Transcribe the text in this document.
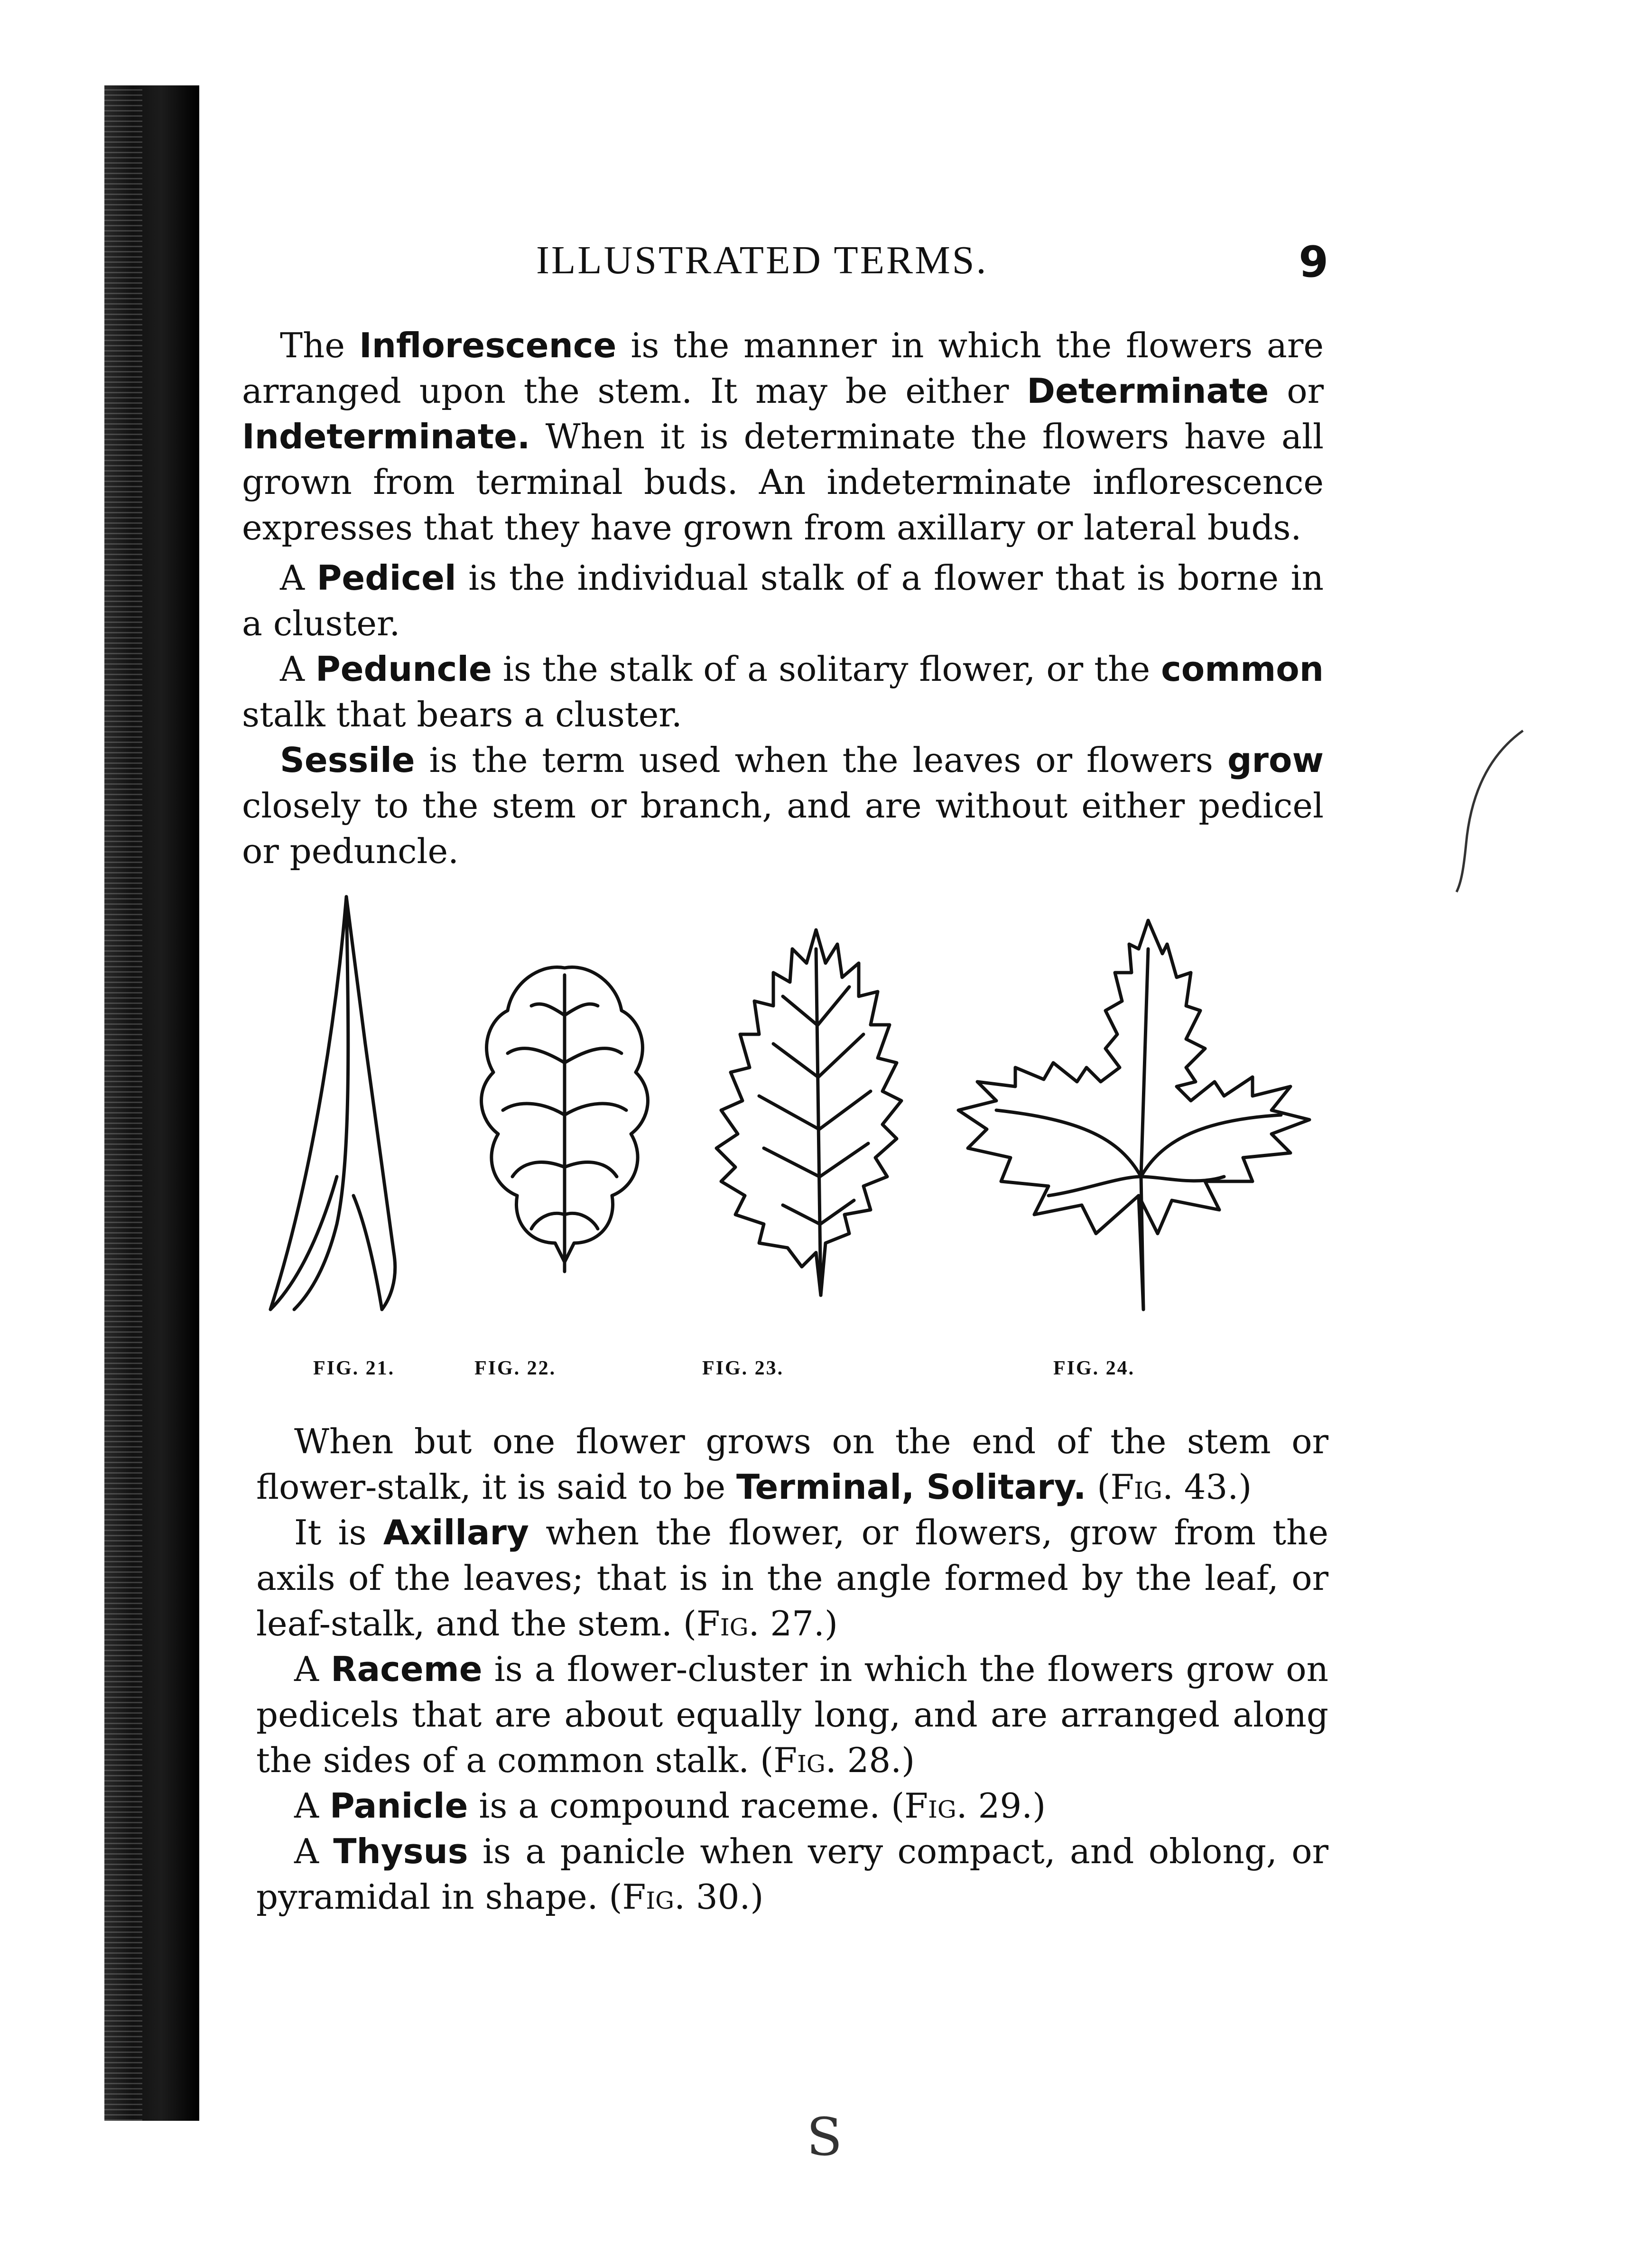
ILLUSTRATED TERMS.	9

The Inflorescence is the manner in which the flowers are arranged upon the stem. It may be either Determinate or Indeterminate. When it is determinate the flowers have all grown from terminal buds. An indeterminate inflorescence expresses that they have grown from axillary or lateral buds.

A Pedicel is the individual stalk of a flower that is borne in a cluster.

A Peduncle is the stalk of a solitary flower, or the common stalk that bears a cluster.

Sessile is the term used when the leaves or flowers grow closely to the stem or branch, and are without either pedicel or peduncle.

FIG. 21.	FIG. 22.	FIG. 23.	FIG. 24.

When but one flower grows on the end of the stem or flower-stalk, it is said to be Terminal, Solitary. (Fig. 43.)

It is Axillary when the flower, or flowers, grow from the axils of the leaves; that is in the angle formed by the leaf, or leaf-stalk, and the stem. (Fig. 27.)

A Raceme is a flower-cluster in which the flowers grow on pedicels that are about equally long, and are arranged along the sides of a common stalk. (Fig. 28.)

A Panicle is a compound raceme. (Fig. 29.)

A Thysus is a panicle when very compact, and oblong, or pyramidal in shape. (Fig. 30.)

S
